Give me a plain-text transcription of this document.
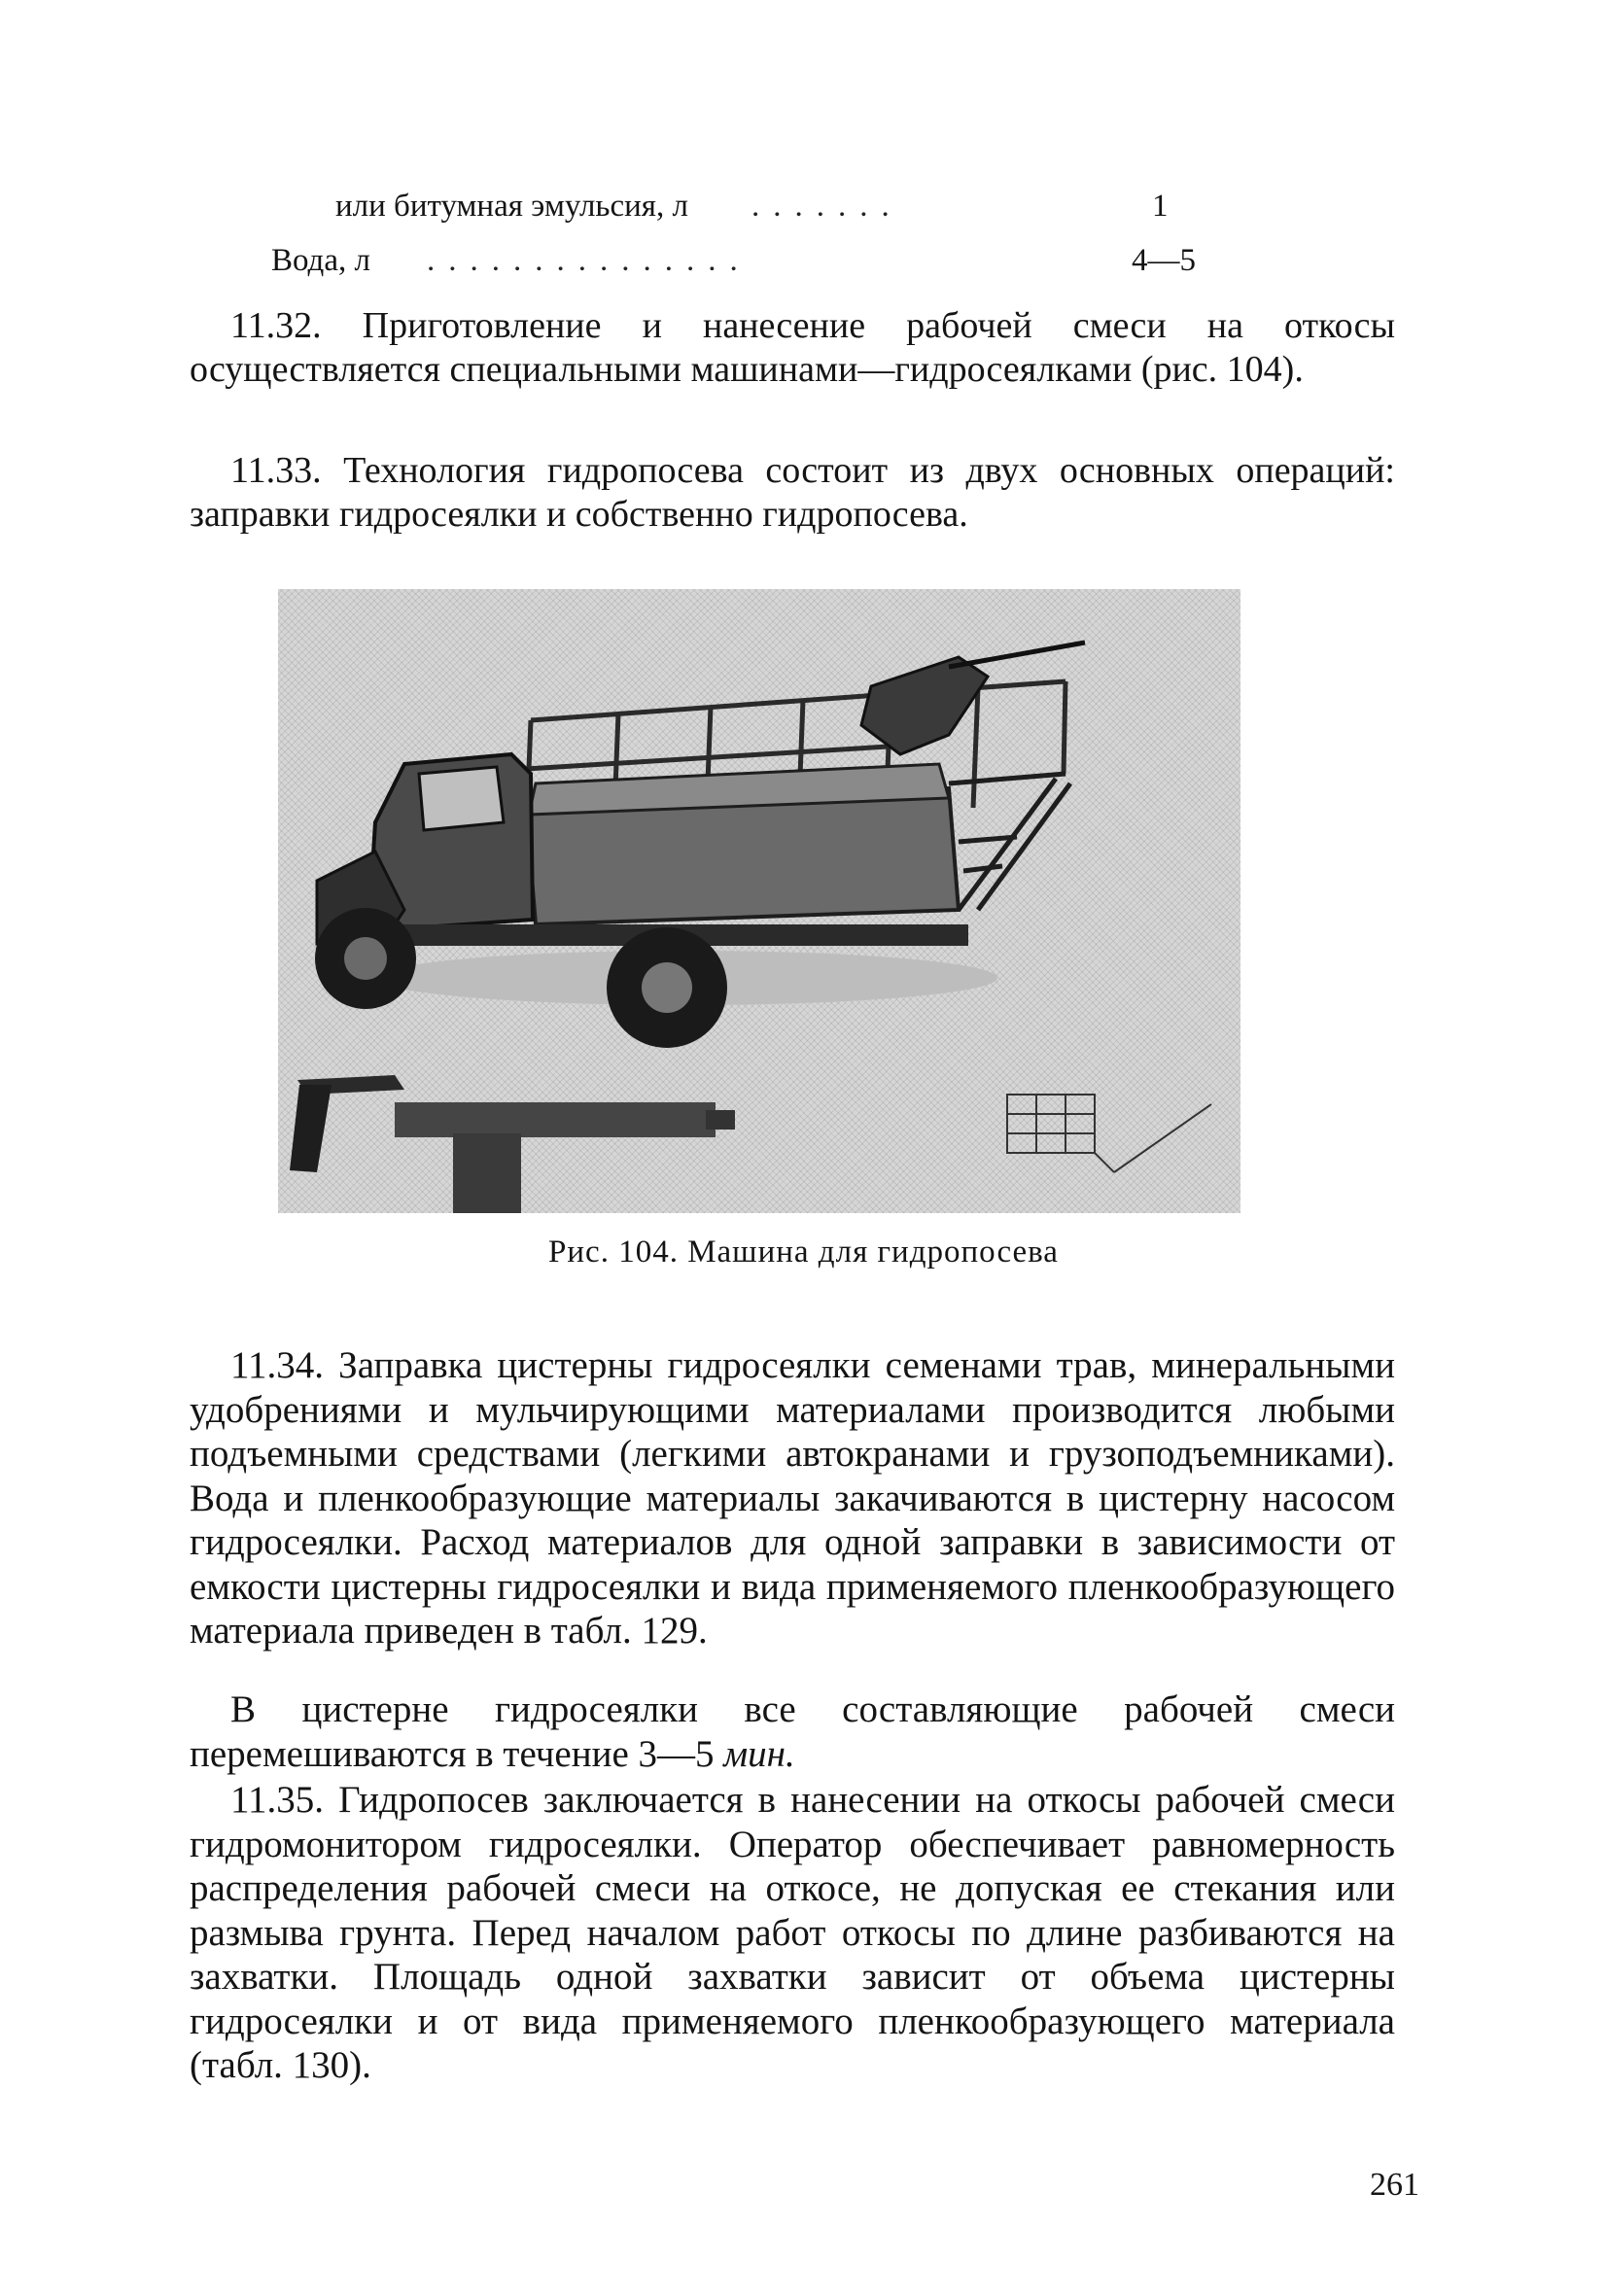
или битумная эмульсия, л .......	1
Вода, л ...............	4—5

11.32. Приготовление и нанесение рабочей смеси на откосы осуществляется специальными машинами—гидросеялками (рис. 104).

11.33. Технология гидропосева состоит из двух основных операций: заправки гидросеялки и собственно гидропосева.

Рис. 104. Машина для гидропосева

11.34. Заправка цистерны гидросеялки семенами трав, минеральными удобрениями и мульчирующими материалами производится любыми подъемными средствами (легкими автокранами и грузоподъемниками). Вода и пленкообразующие материалы закачиваются в цистерну насосом гидросеялки. Расход материалов для одной заправки в зависимости от емкости цистерны гидросеялки и вида применяемого пленкообразующего материала приведен в табл. 129.

В цистерне гидросеялки все составляющие рабочей смеси перемешиваются в течение 3—5 мин.

11.35. Гидропосев заключается в нанесении на откосы рабочей смеси гидромонитором гидросеялки. Оператор обеспечивает равномерность распределения рабочей смеси на откосе, не допуская ее стекания или размыва грунта. Перед началом работ откосы по длине разбиваются на захватки. Площадь одной захватки зависит от объема цистерны гидросеялки и от вида применяемого пленкообразующего материала (табл. 130).

261
